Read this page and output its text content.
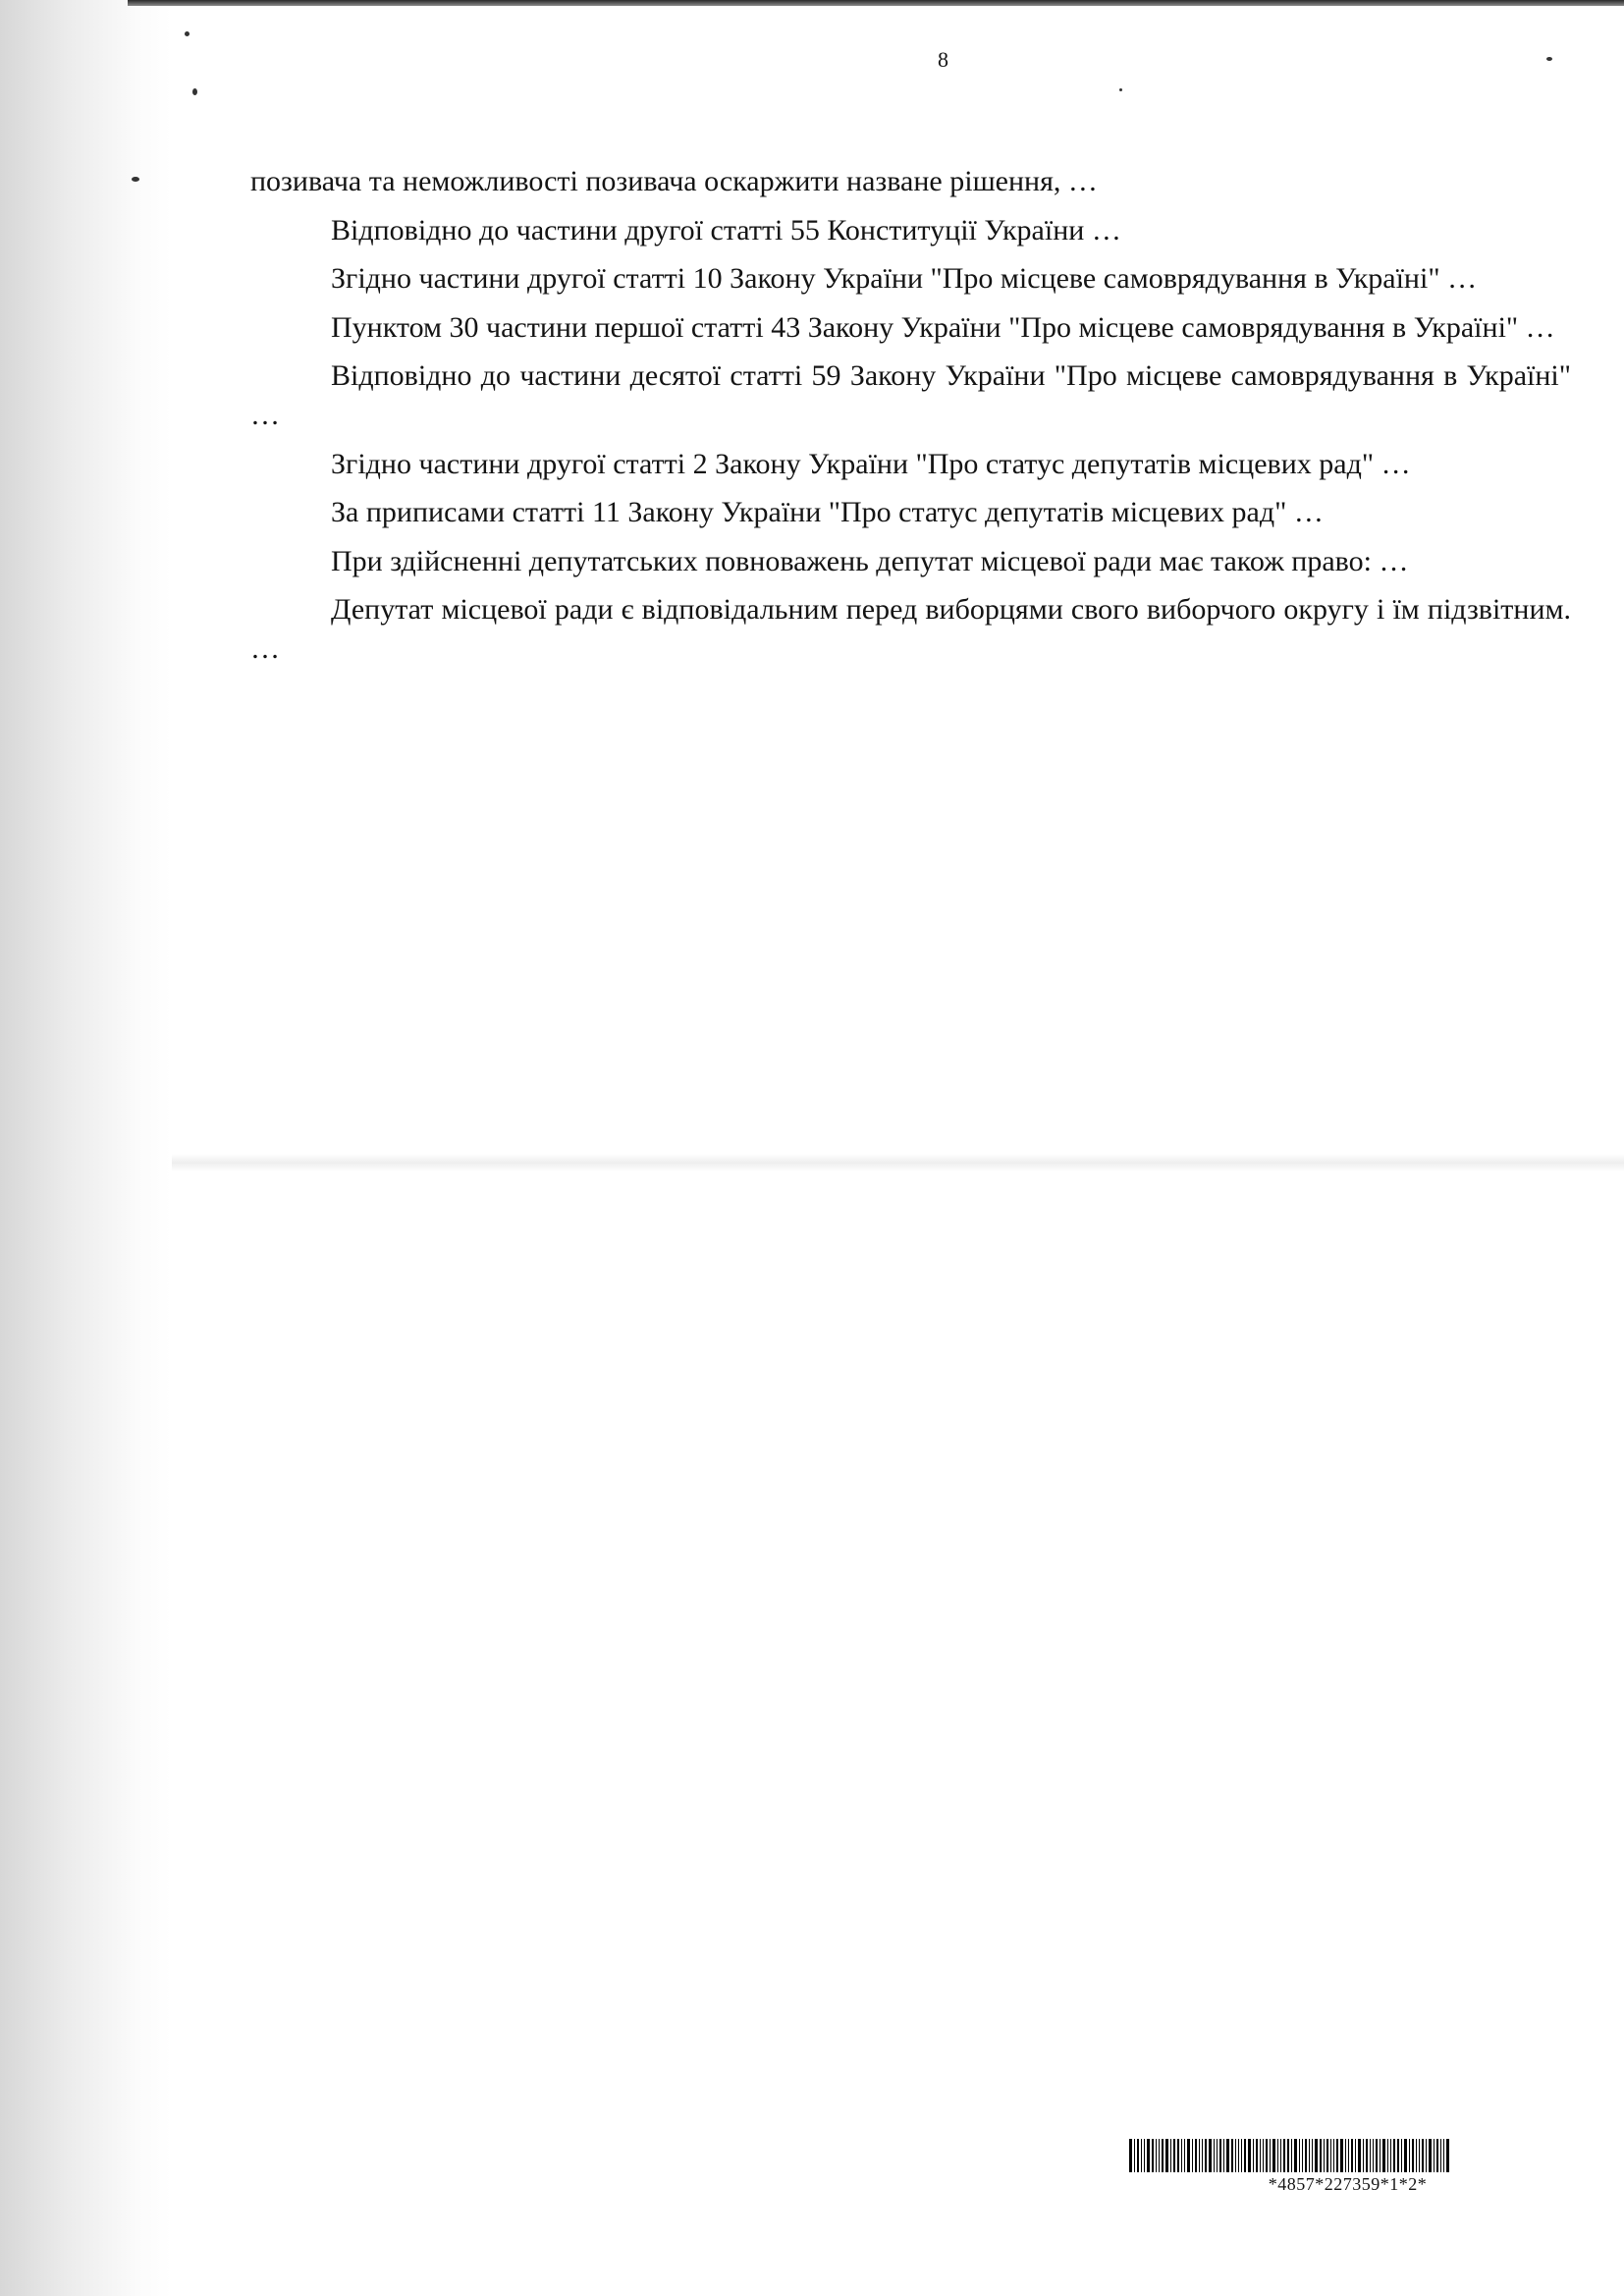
8

позивача та неможливості позивача оскаржити назване рішення, …

Відповідно до частини другої статті 55 Конституції України …

Згідно частини другої статті 10 Закону України "Про місцеве самоврядування в Україні" …

Пунктом 30 частини першої статті 43 Закону України "Про місцеве самоврядування в Україні" …

Відповідно до частини десятої статті 59 Закону України "Про місцеве самоврядування в Україні" …

Згідно частини другої статті 2 Закону України "Про статус депутатів місцевих рад" …

За приписами статті 11 Закону України "Про статус депутатів місцевих рад" …

При здійсненні депутатських повноважень депутат місцевої ради має також право: …

Депутат місцевої ради є відповідальним перед виборцями свого виборчого округу і їм підзвітним. …

*4857*227359*1*2*
